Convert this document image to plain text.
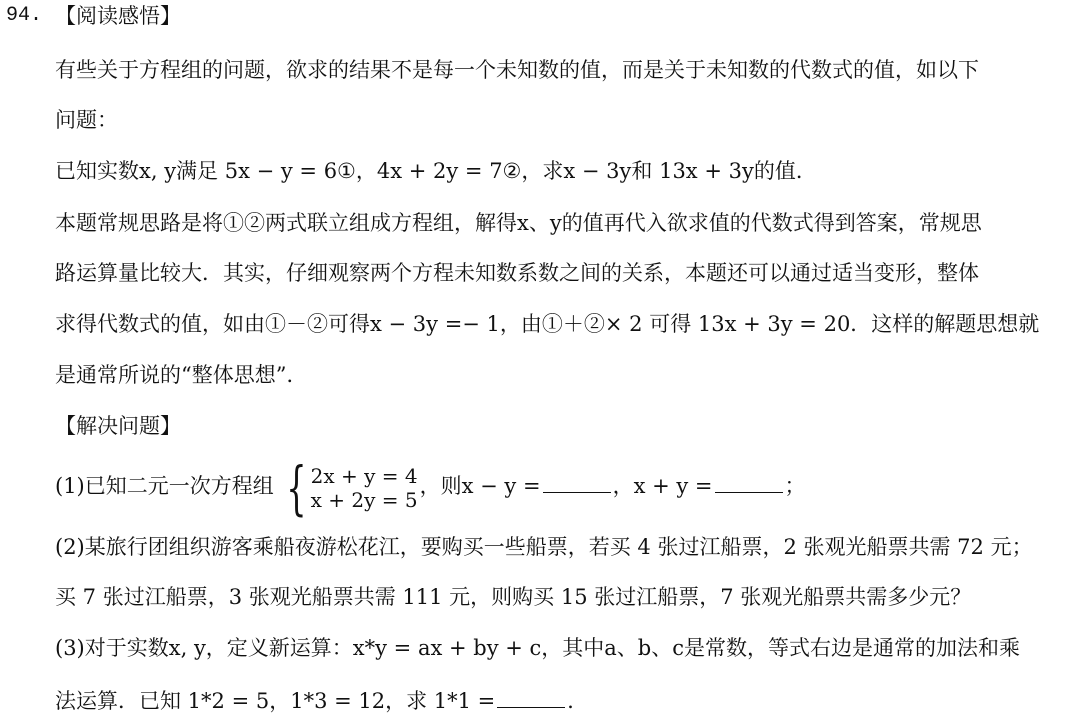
94. 【阅读感悟】
有些关于方程组的问题，欲求的结果不是每一个未知数的值，而是关于未知数的代数式的值，如以下
问题：
已知实数x, y满足 5x − y = 6①，4x + 2y = 7②，求x − 3y和 13x + 3y的值．
本题常规思路是将①②两式联立组成方程组，解得x、y的值再代入欲求值的代数式得到答案，常规思
路运算量比较大．其实，仔细观察两个方程未知数系数之间的关系，本题还可以通过适当变形，整体
求得代数式的值，如由①－②可得x − 3y =− 1，由①＋②× 2 可得 13x + 3y = 20．这样的解题思想就
是通常所说的“整体思想”．
【解决问题】
(1)已知二元一次方程组 { 2x + y = 4
x + 2y = 5
，则x − y =	，x + y =	；
(2)某旅行团组织游客乘船夜游松花江，要购买一些船票，若买 4 张过江船票，2 张观光船票共需 72 元；
买 7 张过江船票，3 张观光船票共需 111 元，则购买 15 张过江船票，7 张观光船票共需多少元？
(3)对于实数x, y，定义新运算：x*y = ax + by + c，其中a、b、c是常数，等式右边是通常的加法和乘
法运算．已知 1*2 = 5，1*3 = 12，求 1*1 =	．
